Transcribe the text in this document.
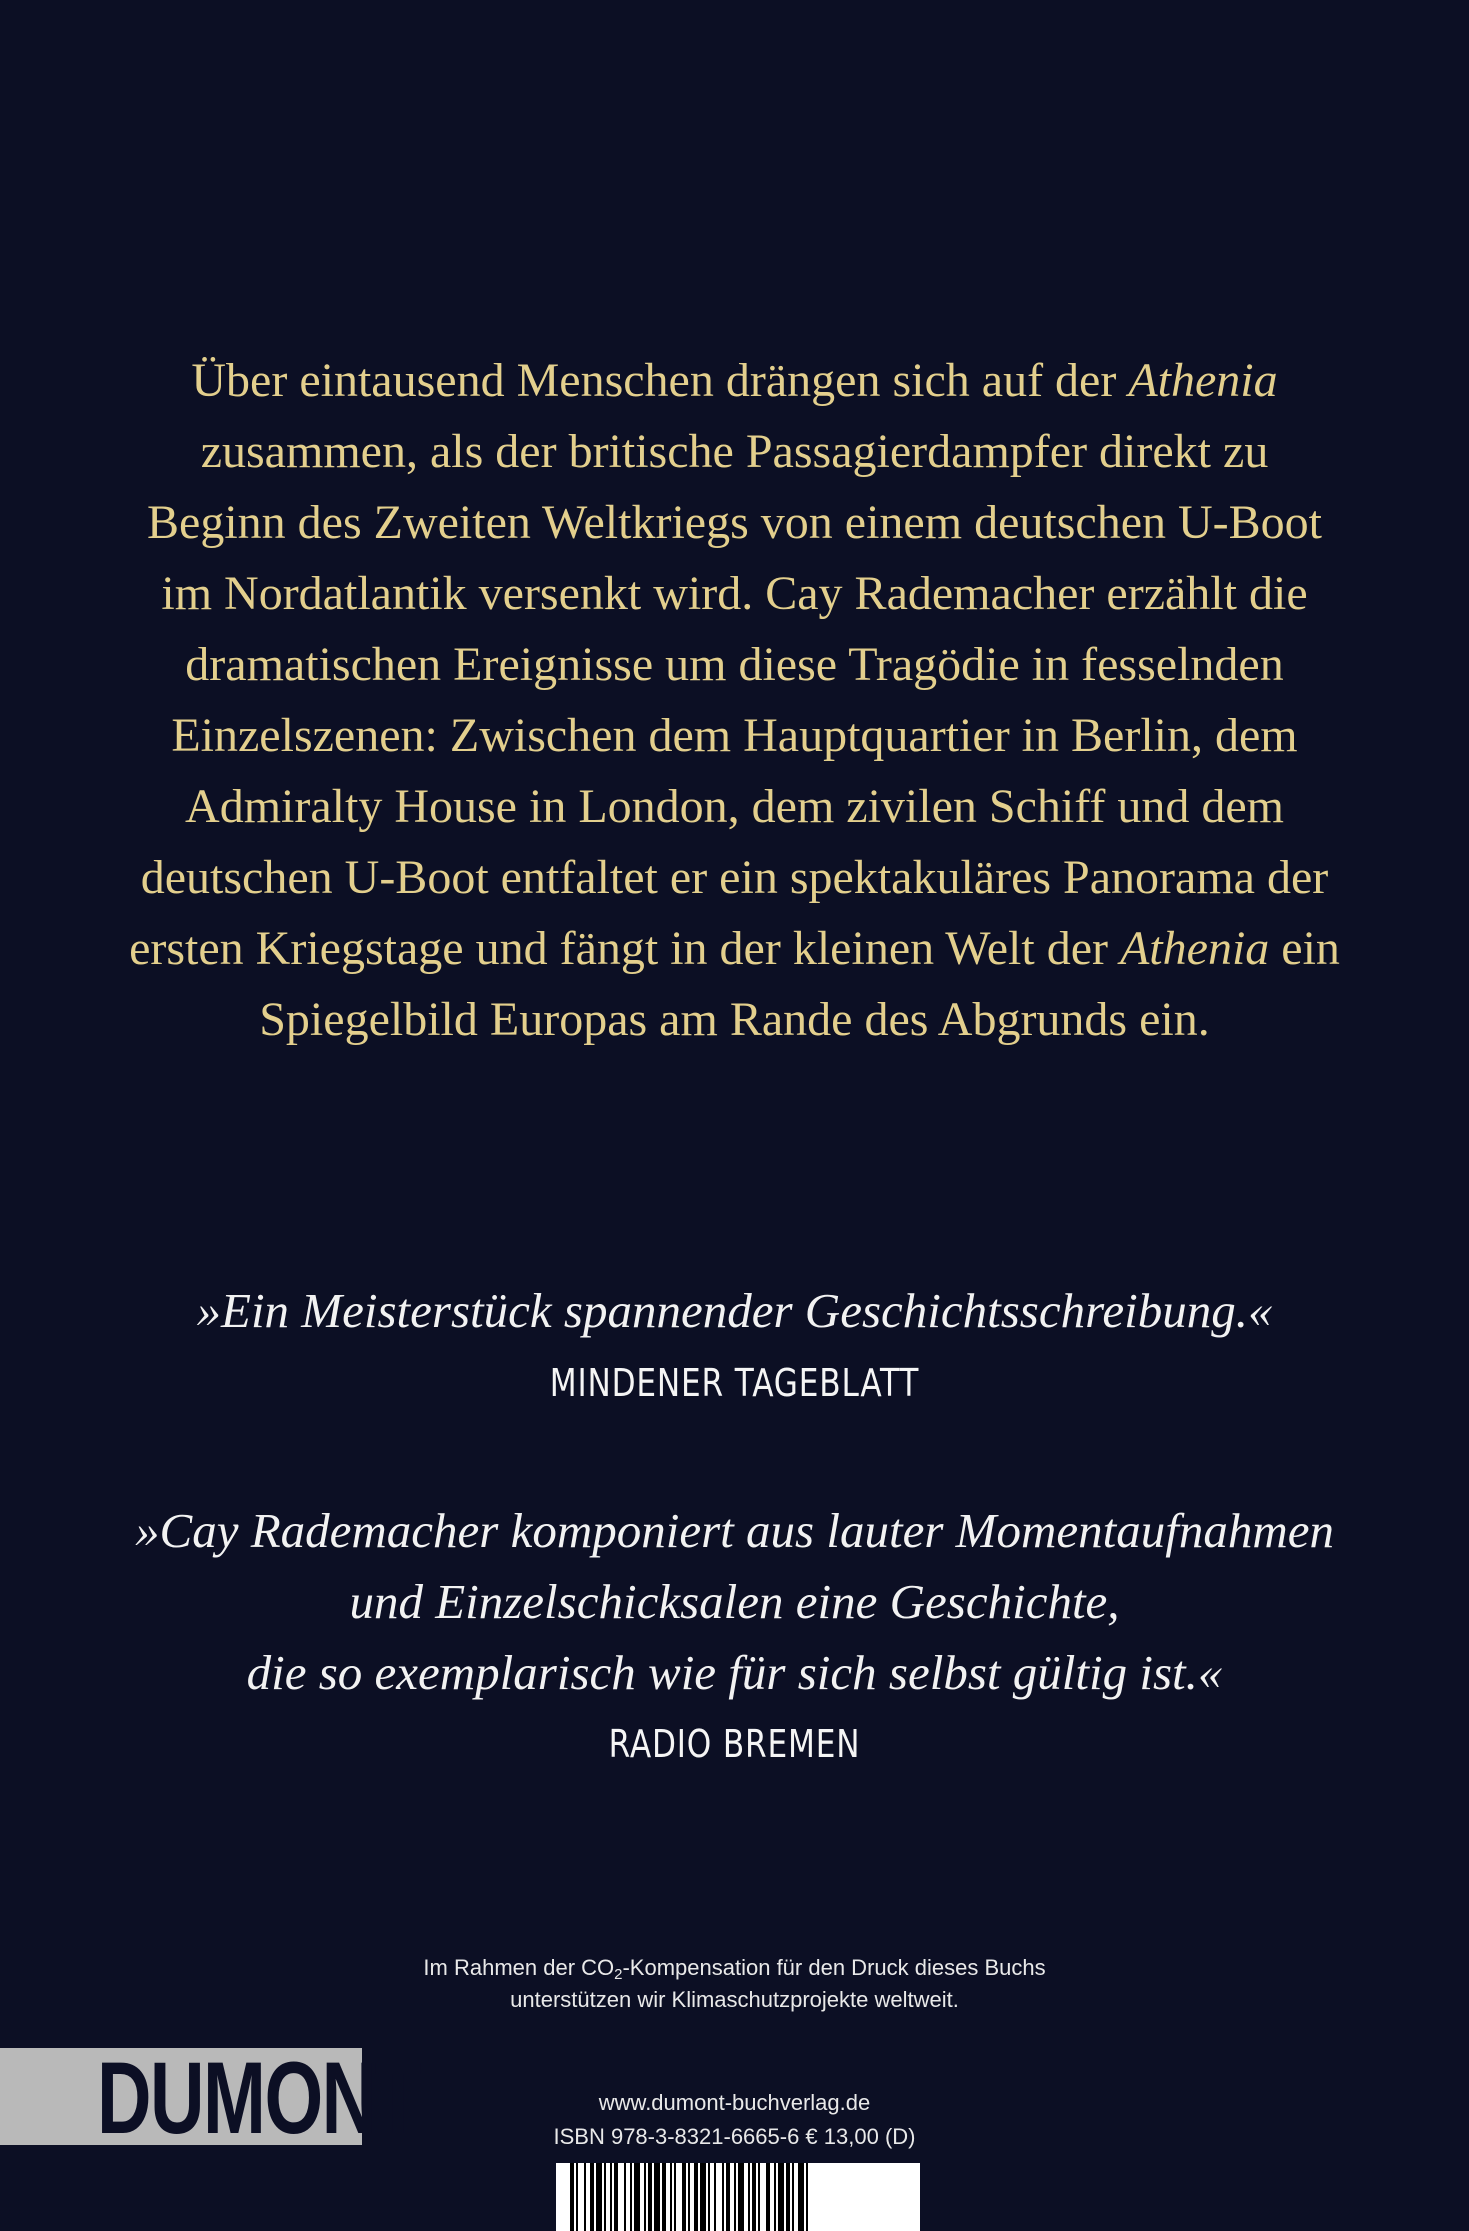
Über eintausend Menschen drängen sich auf der Athenia
zusammen, als der britische Passagierdampfer direkt zu
Beginn des Zweiten Weltkriegs von einem deutschen U-Boot
im Nordatlantik versenkt wird. Cay Rademacher erzählt die
dramatischen Ereignisse um diese Tragödie in fesselnden
Einzelszenen: Zwischen dem Hauptquartier in Berlin, dem
Admiralty House in London, dem zivilen Schiff und dem
deutschen U-Boot entfaltet er ein spektakuläres Panorama der
ersten Kriegstage und fängt in der kleinen Welt der Athenia ein
Spiegelbild Europas am Rande des Abgrunds ein.
»Ein Meisterstück spannender Geschichtsschreibung.«
MINDENER TAGEBLATT
»Cay Rademacher komponiert aus lauter Momentaufnahmen
und Einzelschicksalen eine Geschichte,
die so exemplarisch wie für sich selbst gültig ist.«
RADIO BREMEN
Im Rahmen der $CO_2$-Kompensation für den Druck dieses Buchs
unterstützen wir Klimaschutzprojekte weltweit.
DUMONT	www.dumont-buchverlag.de
ISBN 978-3-8321-6665-6 € 13,00 (D)
